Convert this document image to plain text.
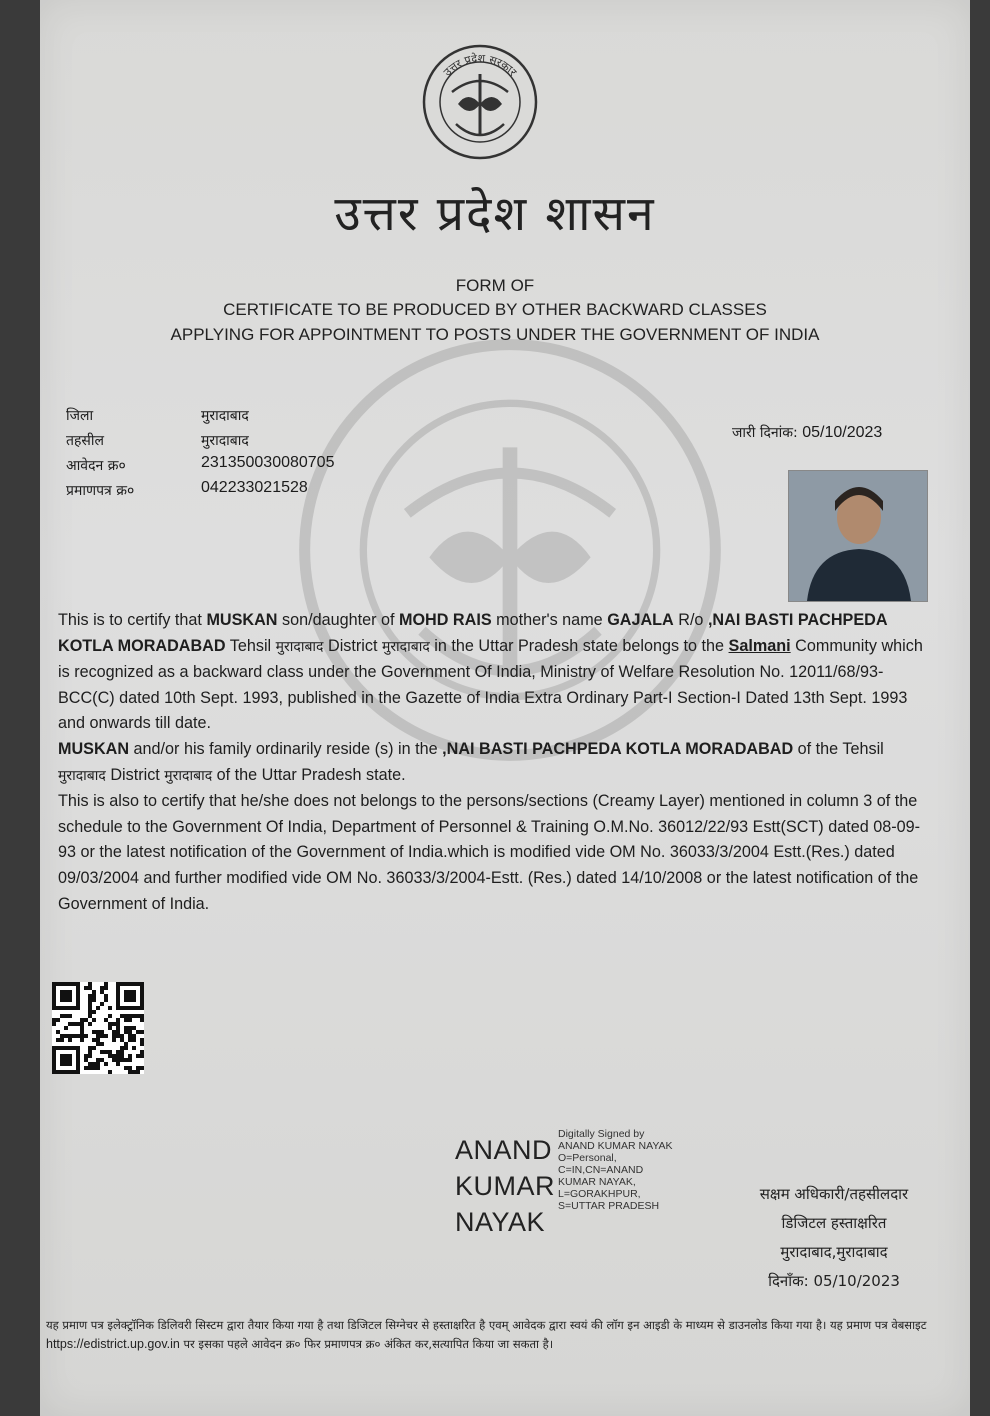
उत्तर प्रदेश सरकार
उत्तर प्रदेश शासन
FORM OF
CERTIFICATE TO BE PRODUCED BY OTHER BACKWARD CLASSES
APPLYING FOR APPOINTMENT TO POSTS UNDER THE GOVERNMENT OF INDIA
जिला	मुरादाबाद
तहसील	मुरादाबाद
आवेदन क्र०	231350030080705
प्रमाणपत्र क्र०	042233021528
जारी दिनांक: 05/10/2023
This is to certify that MUSKAN son/daughter of MOHD RAIS mother's name GAJALA R/o ,NAI BASTI PACHPEDA KOTLA MORADABAD Tehsil मुरादाबाद District मुरादाबाद in the Uttar Pradesh state belongs to the Salmani Community which is recognized as a backward class under the Government Of India, Ministry of Welfare Resolution No. 12011/68/93-BCC(C) dated 10th Sept. 1993, published in the Gazette of India Extra Ordinary Part-I Section-I Dated 13th Sept. 1993 and onwards till date.
MUSKAN and/or his family ordinarily reside (s) in the ,NAI BASTI PACHPEDA KOTLA MORADABAD of the Tehsil मुरादाबाद District मुरादाबाद of the Uttar Pradesh state.
This is also to certify that he/she does not belongs to the persons/sections (Creamy Layer) mentioned in column 3 of the schedule to the Government Of India, Department of Personnel & Training O.M.No. 36012/22/93 Estt(SCT) dated 08-09-93 or the latest notification of the Government of India.which is modified vide OM No. 36033/3/2004 Estt.(Res.) dated 09/03/2004 and further modified vide OM No. 36033/3/2004-Estt. (Res.) dated 14/10/2008 or the latest notification of the Government of India.
ANAND
KUMAR
NAYAK
Digitally Signed by
ANAND KUMAR NAYAK
O=Personal,
C=IN,CN=ANAND
KUMAR NAYAK,
L=GORAKHPUR,
S=UTTAR PRADESH
सक्षम अधिकारी/तहसीलदार
डिजिटल हस्ताक्षरित
मुरादाबाद,मुरादाबाद
दिनाँक: 05/10/2023
यह प्रमाण पत्र इलेक्ट्रॉनिक डिलिवरी सिस्टम द्वारा तैयार किया गया है तथा डिजिटल सिग्नेचर से हस्ताक्षरित है एवम् आवेदक द्वारा स्वयं की लॉग इन आइडी के माध्यम से डाउनलोड किया गया है। यह प्रमाण पत्र वेबसाइट https://edistrict.up.gov.in पर इसका पहले आवेदन क्र० फिर प्रमाणपत्र क्र० अंकित कर,सत्यापित किया जा सकता है।
